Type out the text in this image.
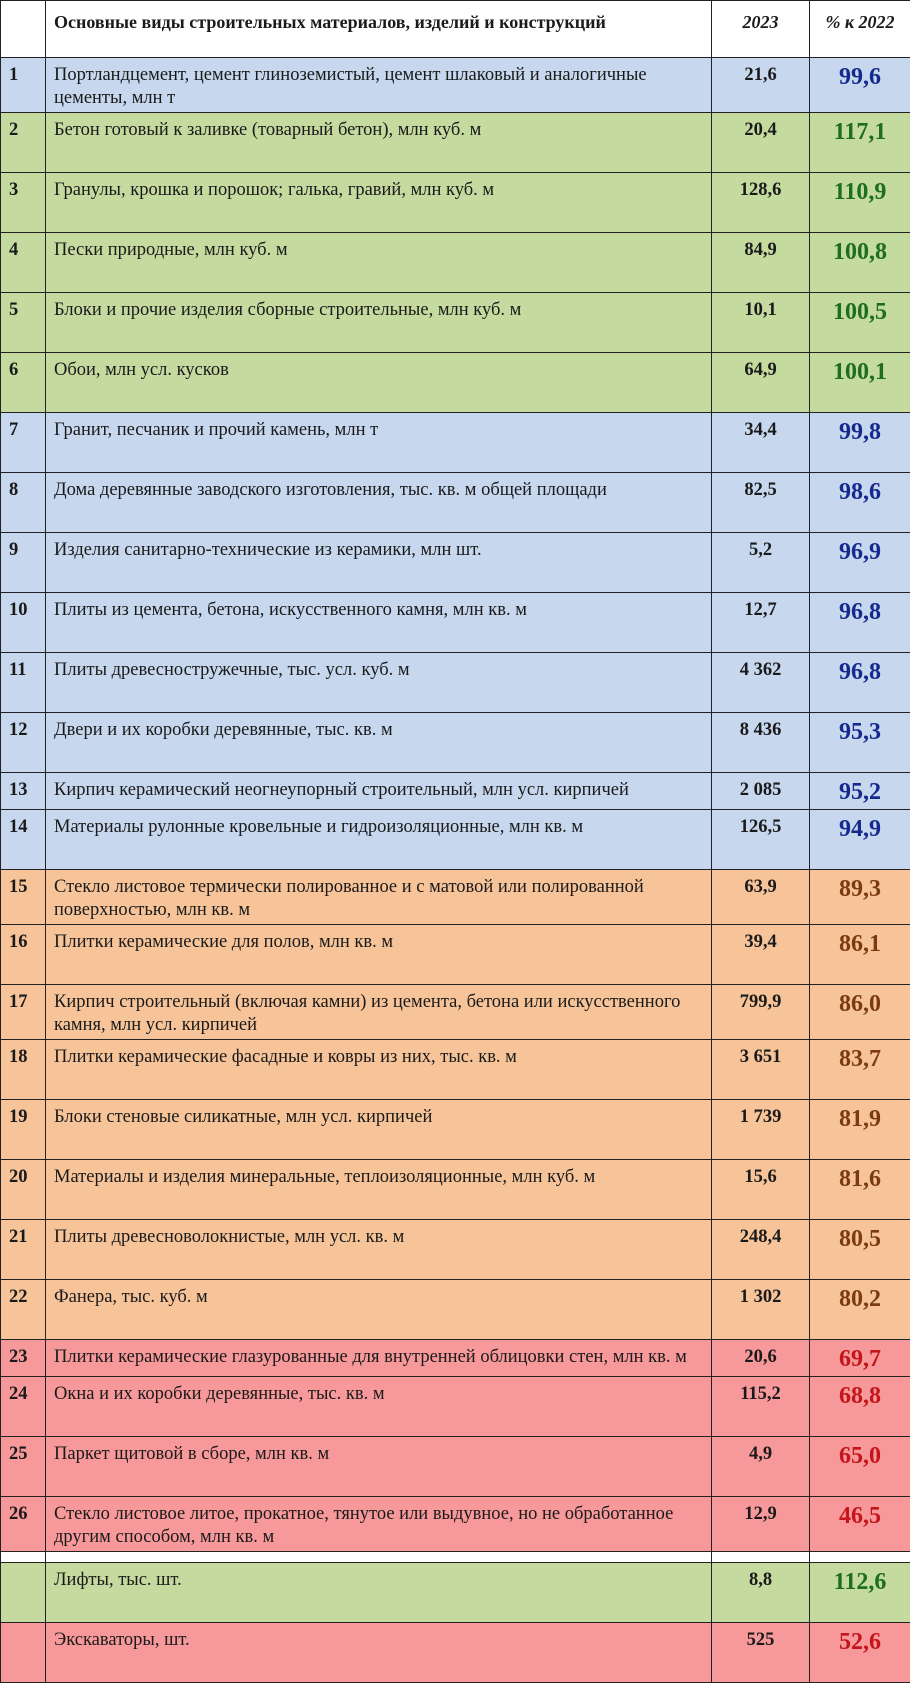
	Основные виды строительных материалов, изделий и конструкций	2023	% к 2022
1	Портландцемент, цемент глиноземистый, цемент шлаковый и аналогичные цементы, млн т	21,6	99,6
2	Бетон готовый к заливке (товарный бетон), млн куб. м	20,4	117,1
3	Гранулы, крошка и порошок; галька, гравий, млн куб. м	128,6	110,9
4	Пески природные, млн куб. м	84,9	100,8
5	Блоки и прочие изделия сборные строительные, млн куб. м	10,1	100,5
6	Обои, млн усл. кусков	64,9	100,1
7	Гранит, песчаник и прочий камень, млн т	34,4	99,8
8	Дома деревянные заводского изготовления, тыс. кв. м общей площади	82,5	98,6
9	Изделия санитарно-технические из керамики, млн шт.	5,2	96,9
10	Плиты из цемента, бетона, искусственного камня, млн кв. м	12,7	96,8
11	Плиты древесностружечные, тыс. усл. куб. м	4 362	96,8
12	Двери и их коробки деревянные, тыс. кв. м	8 436	95,3
13	Кирпич керамический неогнеупорный строительный, млн усл. кирпичей	2 085	95,2
14	Материалы рулонные кровельные и гидроизоляционные, млн кв. м	126,5	94,9
15	Стекло листовое термически полированное и с матовой или полированной поверхностью, млн кв. м	63,9	89,3
16	Плитки керамические для полов, млн кв. м	39,4	86,1
17	Кирпич строительный (включая камни) из цемента, бетона или искусственного камня, млн усл. кирпичей	799,9	86,0
18	Плитки керамические фасадные и ковры из них, тыс. кв. м	3 651	83,7
19	Блоки стеновые силикатные, млн усл. кирпичей	1 739	81,9
20	Материалы и изделия минеральные, теплоизоляционные, млн куб. м	15,6	81,6
21	Плиты древесноволокнистые, млн усл. кв. м	248,4	80,5
22	Фанера, тыс. куб. м	1 302	80,2
23	Плитки керамические глазурованные для внутренней облицовки стен, млн кв. м	20,6	69,7
24	Окна и их коробки деревянные, тыс. кв. м	115,2	68,8
25	Паркет щитовой в сборе, млн кв. м	4,9	65,0
26	Стекло листовое литое, прокатное, тянутое или выдувное, но не обработанное другим способом, млн кв. м	12,9	46,5

	Лифты, тыс. шт.	8,8	112,6
	Экскаваторы, шт.	525	52,6
